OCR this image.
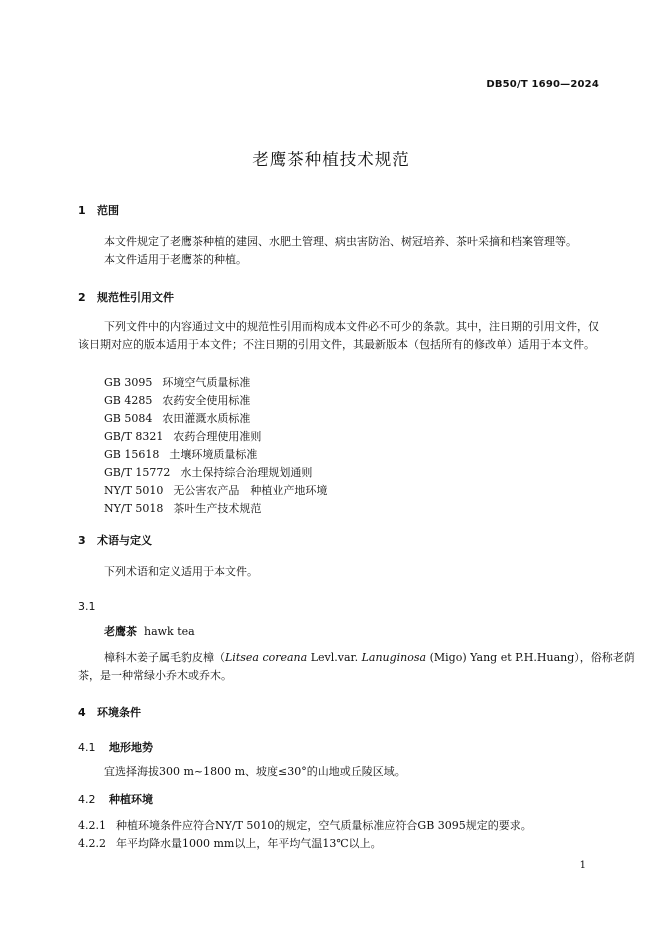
DB50/T 1690—2024
老鹰茶种植技术规范
1 范围
本文件规定了老鹰茶种植的建园、水肥土管理、病虫害防治、树冠培养、茶叶采摘和档案管理等。
本文件适用于老鹰茶的种植。
2 规范性引用文件
下列文件中的内容通过文中的规范性引用而构成本文件必不可少的条款。其中，注日期的引用文件，仅该日期对应的版本适用于本文件；不注日期的引用文件，其最新版本（包括所有的修改单）适用于本文件。
GB 3095 环境空气质量标准
GB 4285 农药安全使用标准
GB 5084 农田灌溉水质标准
GB/T 8321 农药合理使用准则
GB 15618 土壤环境质量标准
GB/T 15772 水土保持综合治理规划通则
NY/T 5010 无公害农产品　种植业产地环境
NY/T 5018 茶叶生产技术规范
3 术语与定义
下列术语和定义适用于本文件。
3.1
老鹰茶 hawk tea
樟科木姜子属毛豹皮樟（Litsea coreana Levl.var. Lanuginosa (Migo) Yang et P.H.Huang），俗称老荫
茶，是一种常绿小乔木或乔木。
4 环境条件
4.1 地形地势
宜选择海拔300 m~1800 m、坡度≤30°的山地或丘陵区域。
4.2 种植环境
4.2.1 种植环境条件应符合NY/T 5010的规定，空气质量标准应符合GB 3095规定的要求。
4.2.2 年平均降水量1000 mm以上，年平均气温13℃以上。
1
